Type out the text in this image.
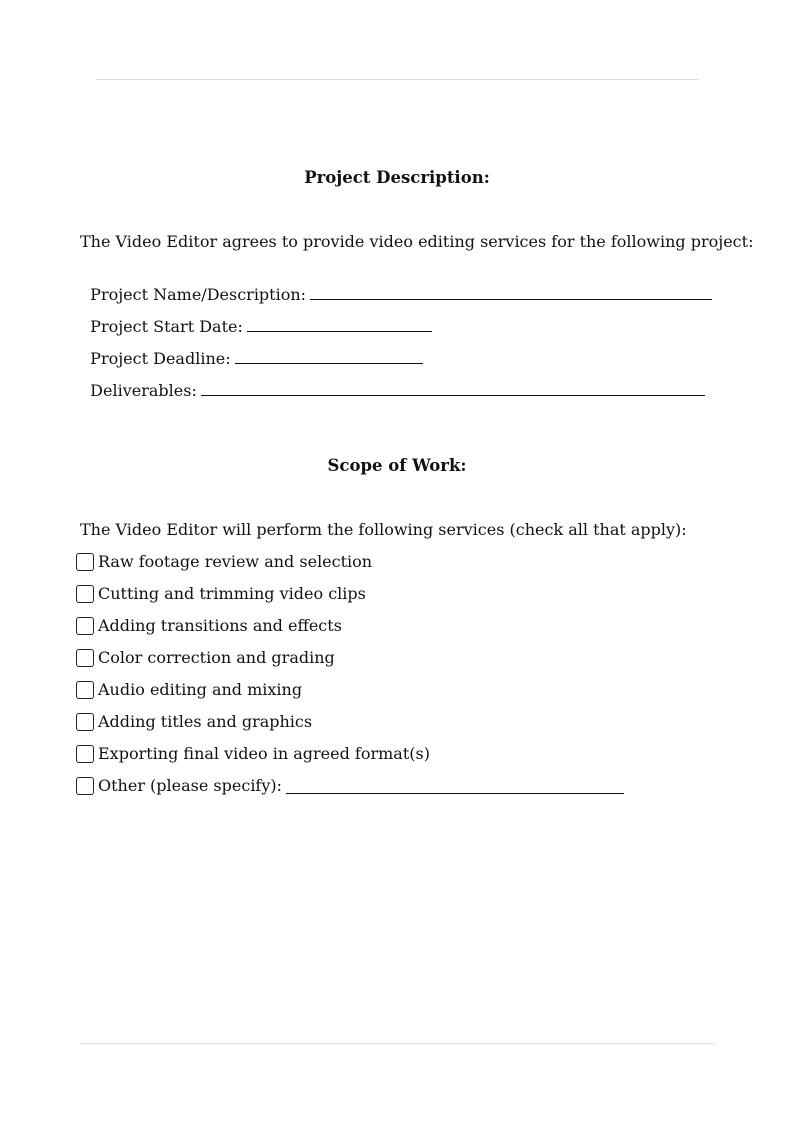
Project Description:
The Video Editor agrees to provide video editing services for the following project:

Project Name/Description:

Project Start Date:

Project Deadline:

Deliverables:

Scope of Work:
The Video Editor will perform the following services (check all that apply):
Raw footage review and selection
Cutting and trimming video clips
Adding transitions and effects
Color correction and grading
Audio editing and mixing
Adding titles and graphics
Exporting final video in agreed format(s)
Other (please specify):
